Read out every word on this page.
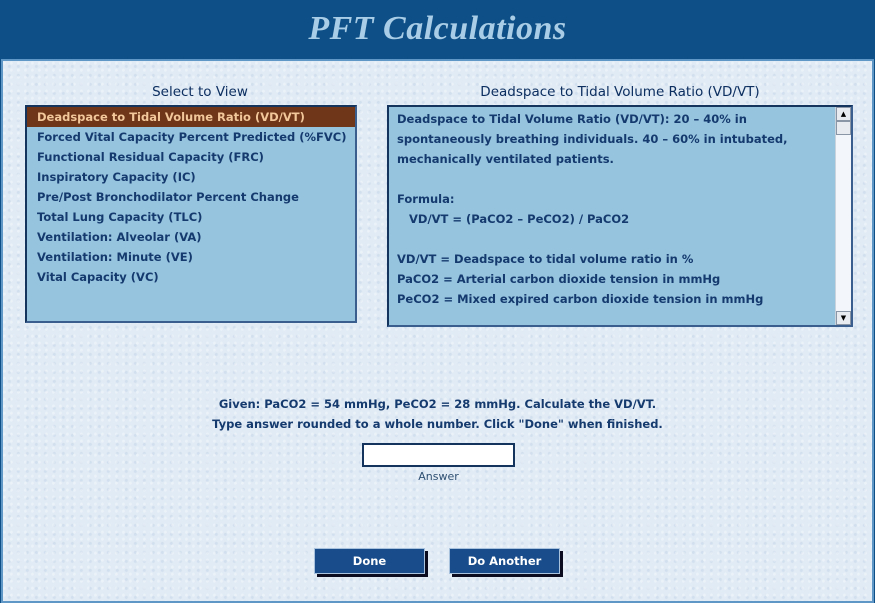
PFT Calculations
Select to View	Deadspace to Tidal Volume Ratio (VD/VT)
Deadspace to Tidal Volume Ratio (VD/VT)
Forced Vital Capacity Percent Predicted (%FVC)
Functional Residual Capacity (FRC)
Inspiratory Capacity (IC)
Pre/Post Bronchodilator Percent Change
Total Lung Capacity (TLC)
Ventilation: Alveolar (VA)
Ventilation: Minute (VE)
Vital Capacity (VC)
Deadspace to Tidal Volume Ratio (VD/VT): 20 – 40% in
spontaneously breathing individuals. 40 – 60% in intubated,
mechanically ventilated patients.
Formula:
VD/VT = (PaCO2 – PeCO2) / PaCO2
VD/VT = Deadspace to tidal volume ratio in %
PaCO2 = Arterial carbon dioxide tension in mmHg
PeCO2 = Mixed expired carbon dioxide tension in mmHg
▲
▼
Given: PaCO2 = 54 mmHg, PeCO2 = 28 mmHg. Calculate the VD/VT.
Type answer rounded to a whole number. Click "Done" when finished.
Answer
Done	Do Another
